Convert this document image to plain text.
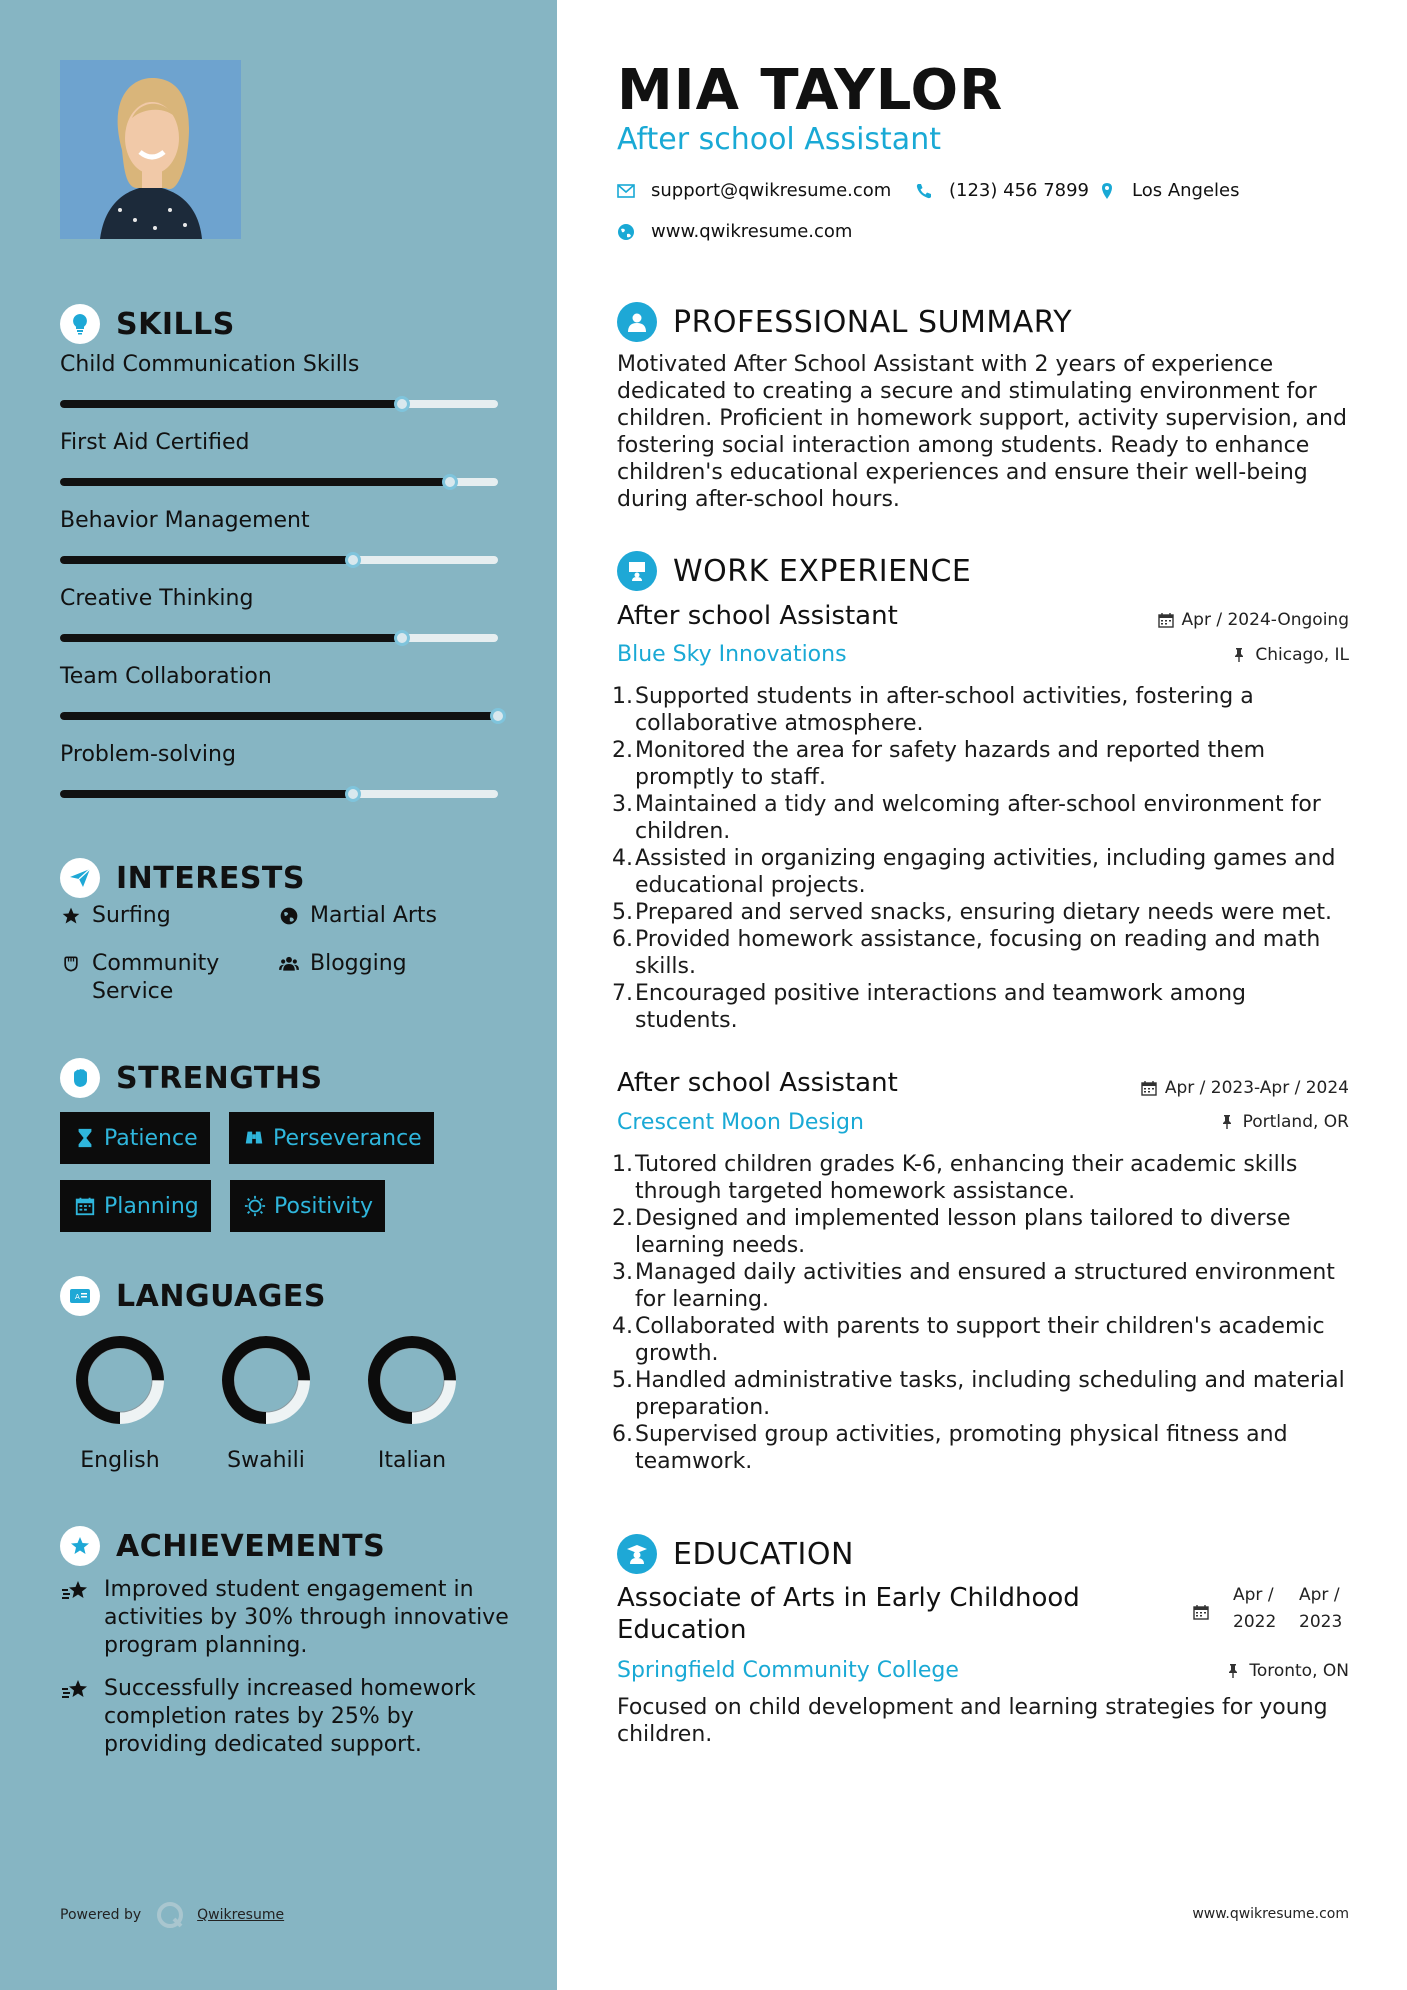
SKILLS
Child Communication Skills
First Aid Certified
Behavior Management
Creative Thinking
Team Collaboration
Problem-solving
INTERESTS
Surfing	Martial Arts
Community Service
Blogging
STRENGTHS
Patience	Perseverance
Planning	Positivity
A LANGUAGES
English	Swahili	Italian
ACHIEVEMENTS
Improved student engagement in activities by 30% through innovative program planning.
Successfully increased homework completion rates by 25% by providing dedicated support.
Powered by	Qwikresume
MIA TAYLOR
After school Assistant
support@qwikresume.com	(123) 456 7899 Los Angeles
www.qwikresume.com
PROFESSIONAL SUMMARY
Motivated After School Assistant with 2 years of experience dedicated to creating a secure and stimulating environment for children. Proficient in homework support, activity supervision, and fostering social interaction among students. Ready to enhance children's educational experiences and ensure their well-being during after-school hours.
WORK EXPERIENCE
After school Assistant	Apr / 2024-Ongoing
Blue Sky Innovations	Chicago, IL
1. Supported students in after-school activities, fostering a collaborative atmosphere.
2. Monitored the area for safety hazards and reported them promptly to staff.
3. Maintained a tidy and welcoming after-school environment for children.
4. Assisted in organizing engaging activities, including games and educational projects.
5. Prepared and served snacks, ensuring dietary needs were met.
6. Provided homework assistance, focusing on reading and math skills.
7. Encouraged positive interactions and teamwork among students.
After school Assistant	Apr / 2023-Apr / 2024
Crescent Moon Design	Portland, OR
1. Tutored children grades K-6, enhancing their academic skills through targeted homework assistance.
2. Designed and implemented lesson plans tailored to diverse learning needs.
3. Managed daily activities and ensured a structured environment for learning.
4. Collaborated with parents to support their children's academic growth.
5. Handled administrative tasks, including scheduling and material preparation.
6. Supervised group activities, promoting physical fitness and teamwork.
EDUCATION
Associate of Arts in Early Childhood Education
Apr / 2022
Apr / 2023
Springfield Community College	Toronto, ON
Focused on child development and learning strategies for young children.
www.qwikresume.com
